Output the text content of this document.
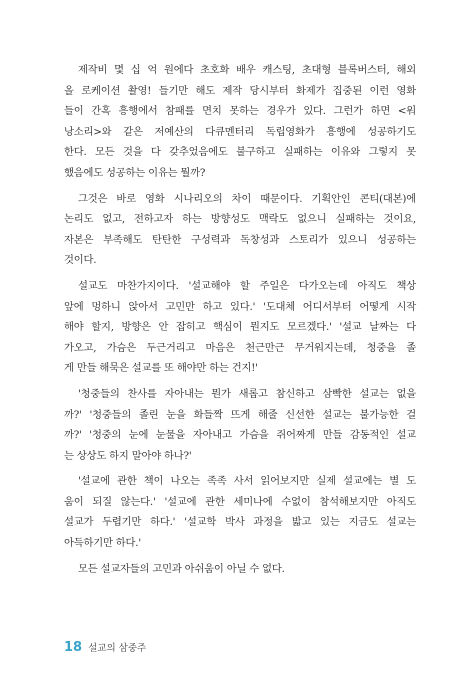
제작비 몇 십 억 원에다 초호화 배우 캐스팅, 초대형 블록버스터, 해외
올 로케이션 촬영! 들기만 해도 제작 당시부터 화제가 집중된 이런 영화
들이 간혹 흥행에서 참패를 면치 못하는 경우가 있다. 그런가 하면 <워
낭소리>와 같은 저예산의 다큐멘터리 독립영화가 흥행에 성공하기도
한다. 모든 것을 다 갖추었음에도 불구하고 실패하는 이유와 그렇지 못
했음에도 성공하는 이유는 뭘까?

그것은 바로 영화 시나리오의 차이 때문이다. 기획안인 콘티(대본)에
논리도 없고, 전하고자 하는 방향성도 맥락도 없으니 실패하는 것이요,
자본은 부족해도 탄탄한 구성력과 독창성과 스토리가 있으니 성공하는
것이다.

설교도 마찬가지이다. '설교해야 할 주일은 다가오는데 아직도 책상
앞에 멍하니 앉아서 고민만 하고 있다.' '도대체 어디서부터 어떻게 시작
해야 할지, 방향은 안 잡히고 핵심이 뭔지도 모르겠다.' '설교 날짜는 다
가오고, 가슴은 두근거리고 마음은 천근만근 무거워지는데, 청중을 졸
게 만들 해묵은 설교를 또 해야만 하는 건지!'

'청중들의 찬사를 자아내는 뭔가 새롭고 참신하고 삼빡한 설교는 없을
까?' '청중들의 졸린 눈을 화들짝 뜨게 해줄 신선한 설교는 불가능한 걸
까?' '청중의 눈에 눈물을 자아내고 가슴을 쥐어짜게 만들 감동적인 설교
는 상상도 하지 말아야 하나?'

'설교에 관한 책이 나오는 족족 사서 읽어보지만 실제 설교에는 별 도
움이 되질 않는다.' '설교에 관한 세미나에 수없이 참석해보지만 아직도
설교가 두렵기만 하다.' '설교학 박사 과정을 밟고 있는 지금도 설교는
아득하기만 하다.'

모든 설교자들의 고민과 아쉬움이 아닐 수 없다.

18 설교의 삼중주
